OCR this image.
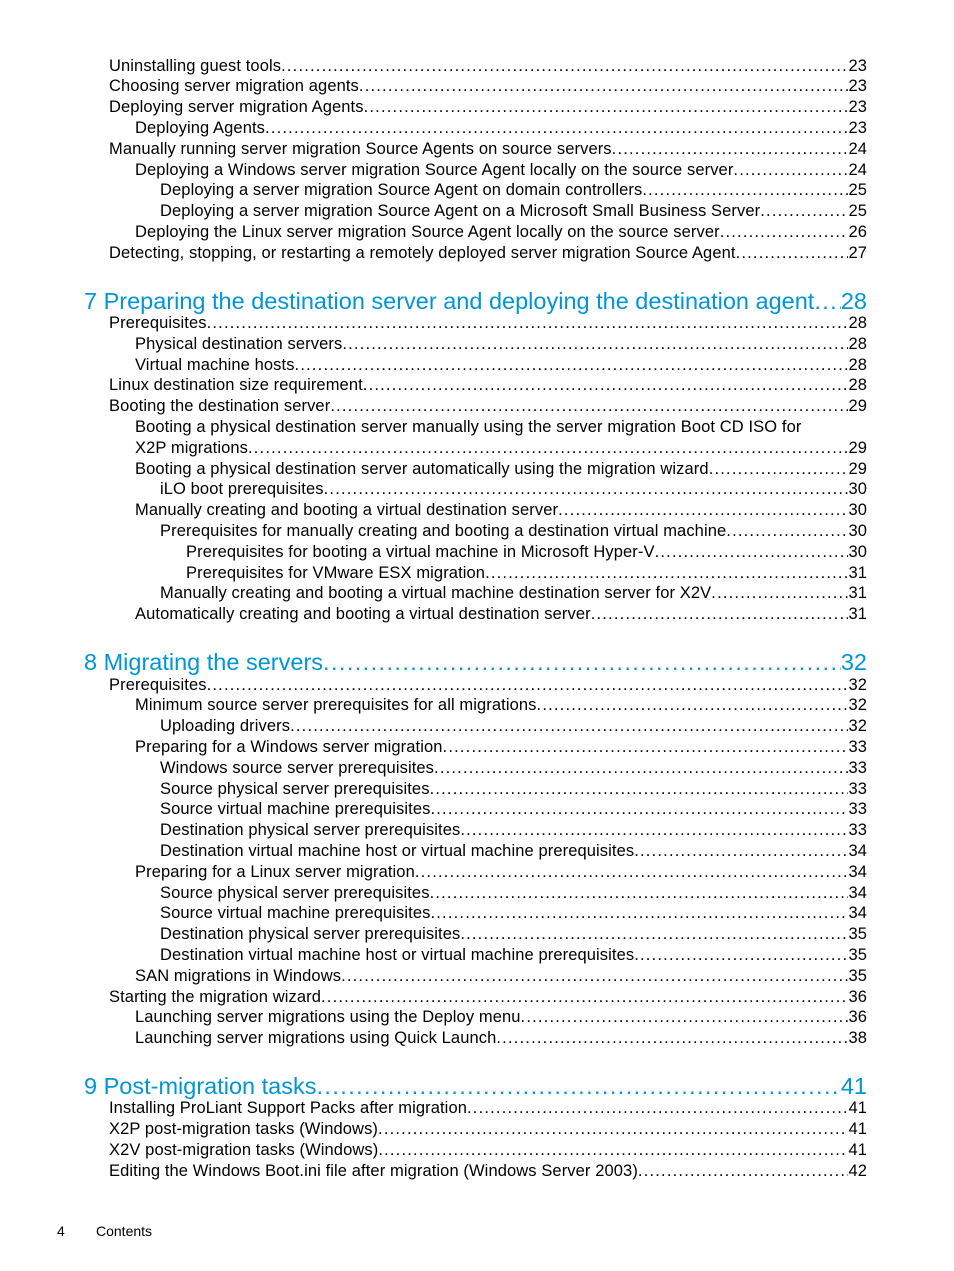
Uninstalling guest tools .....	23
Choosing server migration agents .....	23
Deploying server migration Agents .....	23
Deploying Agents .....	23
Manually running server migration Source Agents on source servers .....	24
Deploying a Windows server migration Source Agent locally on the source server .....	24
Deploying a server migration Source Agent on domain controllers .....	25
Deploying a server migration Source Agent on a Microsoft Small Business Server .....	25
Deploying the Linux server migration Source Agent locally on the source server .....	26
Detecting, stopping, or restarting a remotely deployed server migration Source Agent .....	27
7 Preparing the destination server and deploying the destination agent ..... 28
Prerequisites .....	28
Physical destination servers .....	28
Virtual machine hosts .....	28
Linux destination size requirement .....	28
Booting the destination server .....	29
Booting a physical destination server manually using the server migration Boot CD ISO for
X2P migrations .....	29
Booting a physical destination server automatically using the migration wizard .....	29
iLO boot prerequisites .....	30
Manually creating and booting a virtual destination server .....	30
Prerequisites for manually creating and booting a destination virtual machine .....	30
Prerequisites for booting a virtual machine in Microsoft Hyper-V .....	30
Prerequisites for VMware ESX migration .....	31
Manually creating and booting a virtual machine destination server for X2V .....	31
Automatically creating and booting a virtual destination server .....	31
8 Migrating the servers .....	32
Prerequisites .....	32
Minimum source server prerequisites for all migrations .....	32
Uploading drivers .....	32
Preparing for a Windows server migration .....	33
Windows source server prerequisites .....	33
Source physical server prerequisites .....	33
Source virtual machine prerequisites .....	33
Destination physical server prerequisites .....	33
Destination virtual machine host or virtual machine prerequisites .....	34
Preparing for a Linux server migration .....	34
Source physical server prerequisites .....	34
Source virtual machine prerequisites .....	34
Destination physical server prerequisites .....	35
Destination virtual machine host or virtual machine prerequisites .....	35
SAN migrations in Windows .....	35
Starting the migration wizard .....	36
Launching server migrations using the Deploy menu .....	36
Launching server migrations using Quick Launch .....	38
9 Post-migration tasks .....	41
Installing ProLiant Support Packs after migration .....	41
X2P post-migration tasks (Windows) .....	41
X2V post-migration tasks (Windows) .....	41
Editing the Windows Boot.ini file after migration (Windows Server 2003) .....	42
4 Contents
